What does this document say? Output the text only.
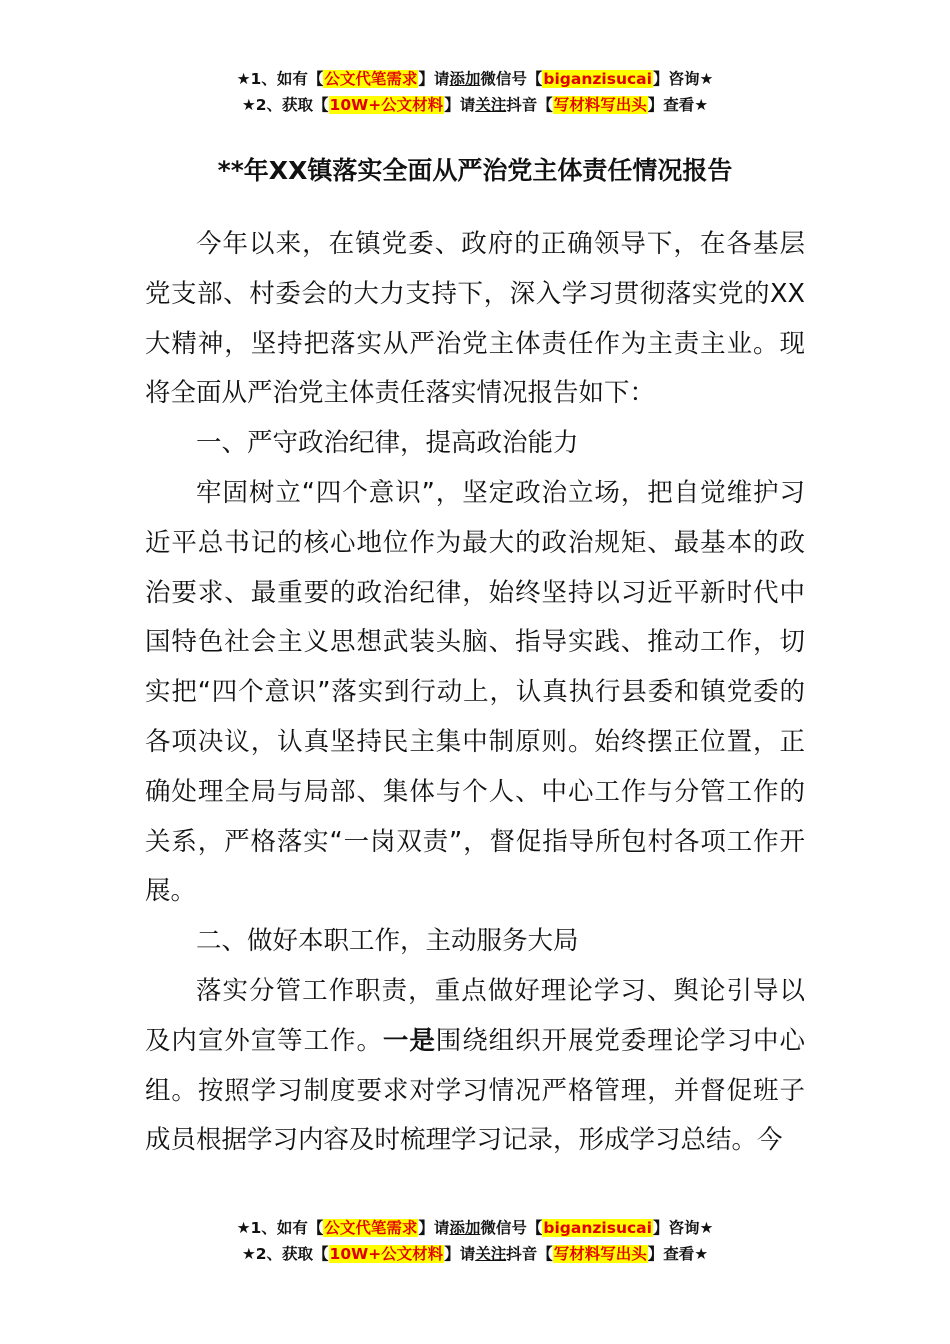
★1、如有【公文代笔需求】请添加微信号【biganzisucai】咨询★
★2、获取【10W+公文材料】请关注抖音【写材料写出头】查看★
**年XX镇落实全面从严治党主体责任情况报告

今年以来，在镇党委、政府的正确领导下，在各基层党支部、村委会的大力支持下，深入学习贯彻落实党的XX大精神，坚持把落实从严治党主体责任作为主责主业。现将全面从严治党主体责任落实情况报告如下：

一、严守政治纪律，提高政治能力

牢固树立“四个意识”，坚定政治立场，把自觉维护习近平总书记的核心地位作为最大的政治规矩、最基本的政治要求、最重要的政治纪律，始终坚持以习近平新时代中国特色社会主义思想武装头脑、指导实践、推动工作，切实把“四个意识”落实到行动上，认真执行县委和镇党委的各项决议，认真坚持民主集中制原则。始终摆正位置，正确处理全局与局部、集体与个人、中心工作与分管工作的关系，严格落实“一岗双责”，督促指导所包村各项工作开展。

二、做好本职工作，主动服务大局

落实分管工作职责，重点做好理论学习、舆论引导以及内宣外宣等工作。一是围绕组织开展党委理论学习中心组。按照学习制度要求对学习情况严格管理，并督促班子成员根据学习内容及时梳理学习记录，形成学习总结。今

★1、如有【公文代笔需求】请添加微信号【biganzisucai】咨询★
★2、获取【10W+公文材料】请关注抖音【写材料写出头】查看★
